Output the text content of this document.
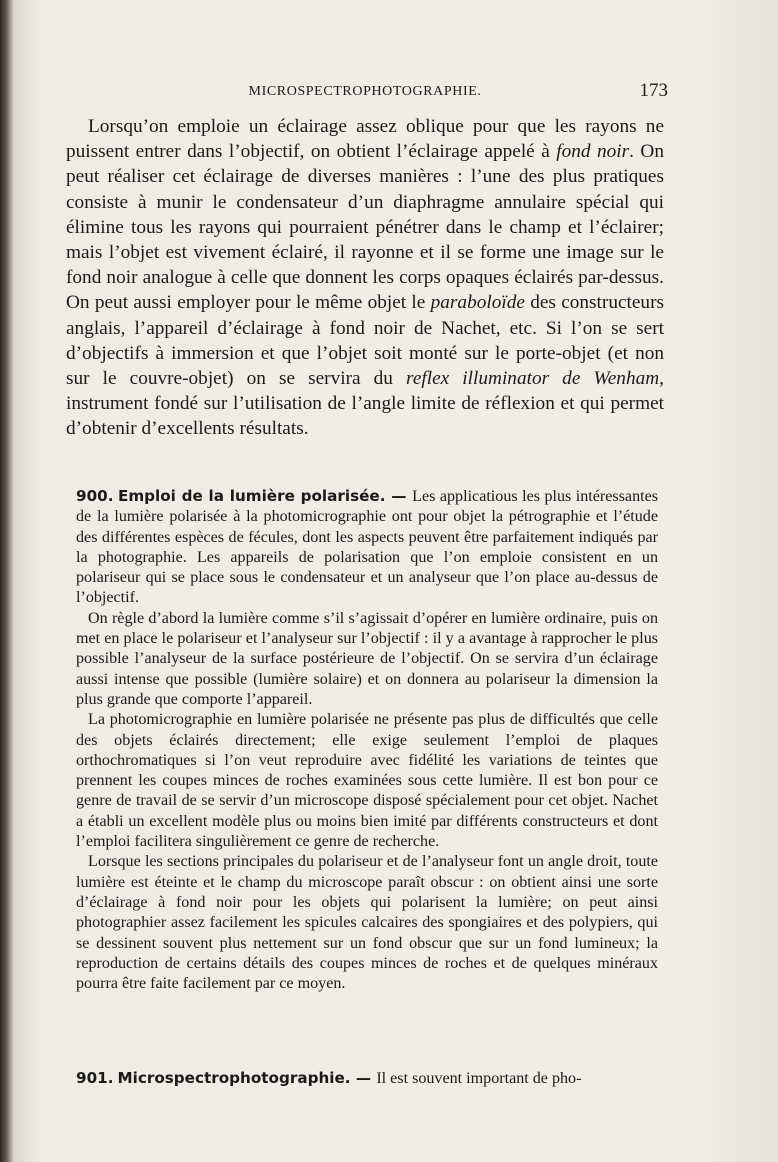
MICROSPECTROPHOTOGRAPHIE.	173

Lorsqu’on emploie un éclairage assez oblique pour que les rayons ne puissent entrer dans l’objectif, on obtient l’éclairage appelé à fond noir. On peut réaliser cet éclairage de diverses manières : l’une des plus pratiques consiste à munir le condensateur d’un diaphragme annulaire spécial qui élimine tous les rayons qui pourraient pénétrer dans le champ et l’éclairer; mais l’objet est vivement éclairé, il rayonne et il se forme une image sur le fond noir analogue à celle que donnent les corps opaques éclairés par-dessus. On peut aussi employer pour le même objet le paraboloïde des constructeurs anglais, l’appareil d’éclairage à fond noir de Nachet, etc. Si l’on se sert d’objectifs à immersion et que l’objet soit monté sur le porte-objet (et non sur le couvre-objet) on se servira du reflex illuminator de Wenham, instrument fondé sur l’utilisation de l’angle limite de réflexion et qui permet d’obtenir d’excellents résultats.

900. Emploi de la lumière polarisée. — Les applicatious les plus intéressantes de la lumière polarisée à la photomicrographie ont pour objet la pétrographie et l’étude des différentes espèces de fécules, dont les aspects peuvent être parfaitement indiqués par la photographie. Les appareils de polarisation que l’on emploie consistent en un polariseur qui se place sous le condensateur et un analyseur que l’on place au-dessus de l’objectif.

On règle d’abord la lumière comme s’il s’agissait d’opérer en lumière ordinaire, puis on met en place le polariseur et l’analyseur sur l’objectif : il y a avantage à rapprocher le plus possible l’analyseur de la surface postérieure de l’objectif. On se servira d’un éclairage aussi intense que possible (lumière solaire) et on donnera au polariseur la dimension la plus grande que comporte l’appareil.

La photomicrographie en lumière polarisée ne présente pas plus de difficultés que celle des objets éclairés directement; elle exige seulement l’emploi de plaques orthochromatiques si l’on veut reproduire avec fidélité les variations de teintes que prennent les coupes minces de roches examinées sous cette lumière. Il est bon pour ce genre de travail de se servir d’un microscope disposé spécialement pour cet objet. Nachet a établi un excellent modèle plus ou moins bien imité par différents constructeurs et dont l’emploi facilitera singulièrement ce genre de recherche.

Lorsque les sections principales du polariseur et de l’analyseur font un angle droit, toute lumière est éteinte et le champ du microscope paraît obscur : on obtient ainsi une sorte d’éclairage à fond noir pour les objets qui polarisent la lumière; on peut ainsi photographier assez facilement les spicules calcaires des spongiaires et des polypiers, qui se dessinent souvent plus nettement sur un fond obscur que sur un fond lumineux; la reproduction de certains détails des coupes minces de roches et de quelques minéraux pourra être faite facilement par ce moyen.

901. Microspectrophotographie. — Il est souvent important de pho-
